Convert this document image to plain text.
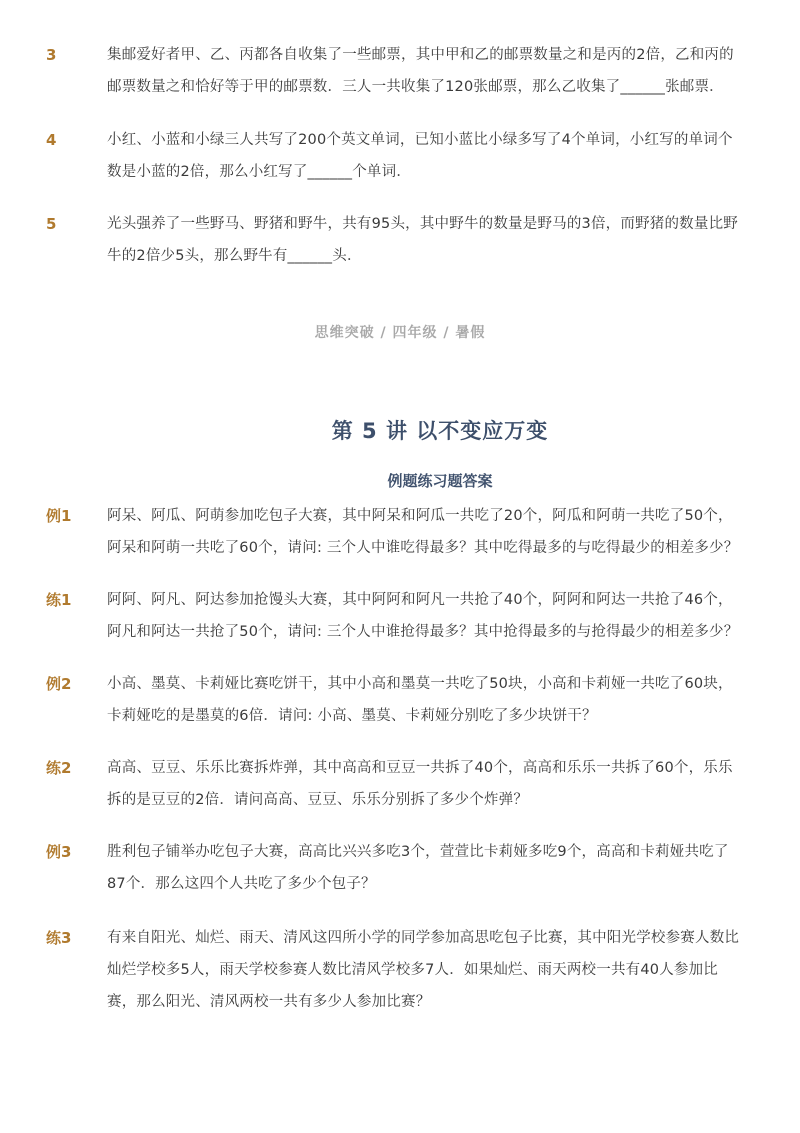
3	集邮爱好者甲、乙、丙都各自收集了一些邮票，其中甲和乙的邮票数量之和是丙的2倍，乙和丙的邮票数量之和恰好等于甲的邮票数．三人一共收集了120张邮票，那么乙收集了______张邮票．
4	小红、小蓝和小绿三人共写了200个英文单词，已知小蓝比小绿多写了4个单词，小红写的单词个数是小蓝的2倍，那么小红写了______个单词．
5	光头强养了一些野马、野猪和野牛，共有95头，其中野牛的数量是野马的3倍，而野猪的数量比野牛的2倍少5头，那么野牛有______头．
思维突破 / 四年级 / 暑假
第 5 讲 以不变应万变
例题练习题答案
例1 阿呆、阿瓜、阿萌参加吃包子大赛，其中阿呆和阿瓜一共吃了20个，阿瓜和阿萌一共吃了50个，阿呆和阿萌一共吃了60个，请问: 三个人中谁吃得最多？其中吃得最多的与吃得最少的相差多少？
练1 阿阿、阿凡、阿达参加抢馒头大赛，其中阿阿和阿凡一共抢了40个，阿阿和阿达一共抢了46个，阿凡和阿达一共抢了50个，请问: 三个人中谁抢得最多？其中抢得最多的与抢得最少的相差多少？
例2 小高、墨莫、卡莉娅比赛吃饼干，其中小高和墨莫一共吃了50块，小高和卡莉娅一共吃了60块，卡莉娅吃的是墨莫的6倍．请问: 小高、墨莫、卡莉娅分别吃了多少块饼干？
练2 高高、豆豆、乐乐比赛拆炸弹，其中高高和豆豆一共拆了40个，高高和乐乐一共拆了60个，乐乐拆的是豆豆的2倍．请问高高、豆豆、乐乐分别拆了多少个炸弹？
例3 胜利包子铺举办吃包子大赛，高高比兴兴多吃3个，萱萱比卡莉娅多吃9个，高高和卡莉娅共吃了87个．那么这四个人共吃了多少个包子？
练3 有来自阳光、灿烂、雨天、清风这四所小学的同学参加高思吃包子比赛，其中阳光学校参赛人数比灿烂学校多5人，雨天学校参赛人数比清风学校多7人．如果灿烂、雨天两校一共有40人参加比赛，那么阳光、清风两校一共有多少人参加比赛？
